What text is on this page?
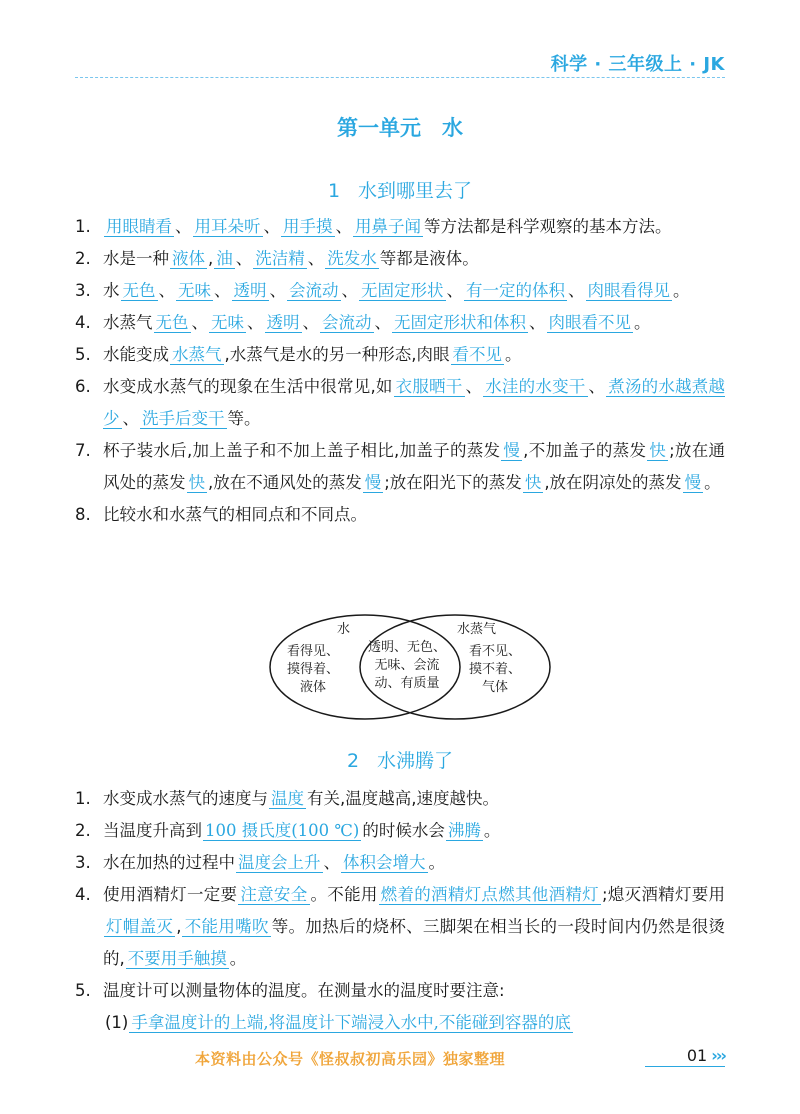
科学 · 三年级上 · JK
第一单元　水
1 水到哪里去了
1. 用眼睛看 、 用耳朵听 、 用手摸 、 用鼻子闻 等方法都是科学观察的基本方法。
2. 水是一种 液体 , 油 、 洗洁精 、 洗发水 等都是液体。
3. 水 无色 、 无味 、 透明 、 会流动 、 无固定形状 、 有一定的体积 、 肉眼看得见 。
4. 水蒸气 无色 、 无味 、 透明 、 会流动 、 无固定形状和体积 、 肉眼看不见 。
5. 水能变成 水蒸气 ,水蒸气是水的另一种形态,肉眼 看不见 。
6. 水变成水蒸气的现象在生活中很常见,如 衣服晒干 、 水洼的水变干 、 煮汤的水越煮越少 、 洗手后变干 等。
7. 杯子装水后,加上盖子和不加上盖子相比,加盖子的蒸发 慢 ,不加盖子的蒸发 快 ;放在通风处的蒸发 快 ,放在不通风处的蒸发 慢 ;放在阳光下的蒸发 快 ,放在阴凉处的蒸发 慢 。
8. 比较水和水蒸气的相同点和不同点。
水	水蒸气
看得见、
摸得着、
液体
透明、无色、
无味、会流
动、有质量
看不见、
摸不着、
气体
2 水沸腾了
1. 水变成水蒸气的速度与 温度 有关,温度越高,速度越快。
2. 当温度升高到 100 摄氏度(100 ℃) 的时候水会 沸腾 。
3. 水在加热的过程中 温度会上升 、 体积会增大 。
4. 使用酒精灯一定要 注意安全 。不能用 燃着的酒精灯点燃其他酒精灯 ;熄灭酒精灯要用灯帽盖灭 , 不能用嘴吹 等。加热后的烧杯、三脚架在相当长的一段时间内仍然是很烫的, 不要用手触摸 。
5. 温度计可以测量物体的温度。在测量水的温度时要注意:
(1) 手拿温度计的上端,将温度计下端浸入水中,不能碰到容器的底
本资料由公众号《怪叔叔初高乐园》独家整理	01 ›››
